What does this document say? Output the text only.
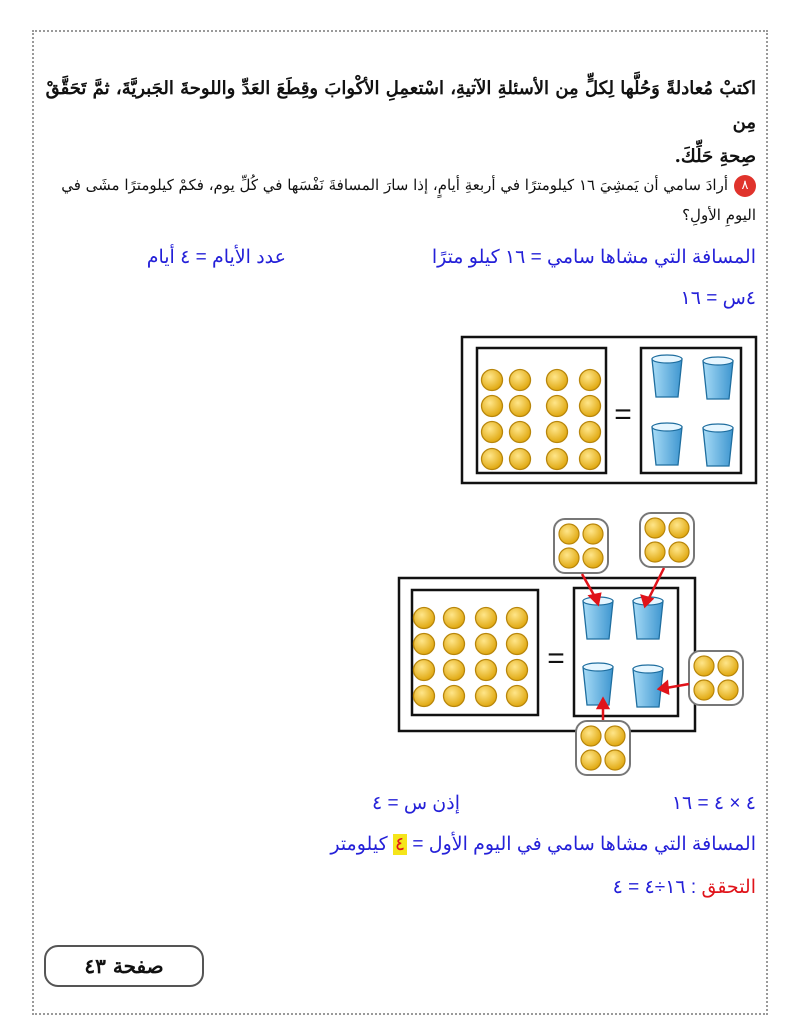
اكتبْ مُعادلةً وَحُلَّها لِكلٍّ مِن الأسئلةِ الآتيةِ، اسْتعمِلِ الأكْوابَ وقِطَعَ العَدِّ واللوحةَ الجَبريَّةَ، ثمَّ تَحَقَّقْ مِن
صِحةِ حَلِّكَ.
٨أرادَ سامي أن يَمشِيَ ١٦ كيلومترًا في أربعةِ أيامٍ، إذا سارَ المسافةَ نَفْسَها في كُلِّ يوم، فكمْ كيلومترًا مشَى في
اليومِ الأولِ؟
المسافة التي مشاها سامي = ١٦ كيلو مترًا
عدد الأيام = ٤ أيام
٤س = ١٦
=
=
٤ × ٤ = ١٦
إذن س = ٤
المسافة التي مشاها سامي في اليوم الأول = ٤ كيلومتر
التحقق : ١٦÷٤ = ٤
صفحة ٤٣
